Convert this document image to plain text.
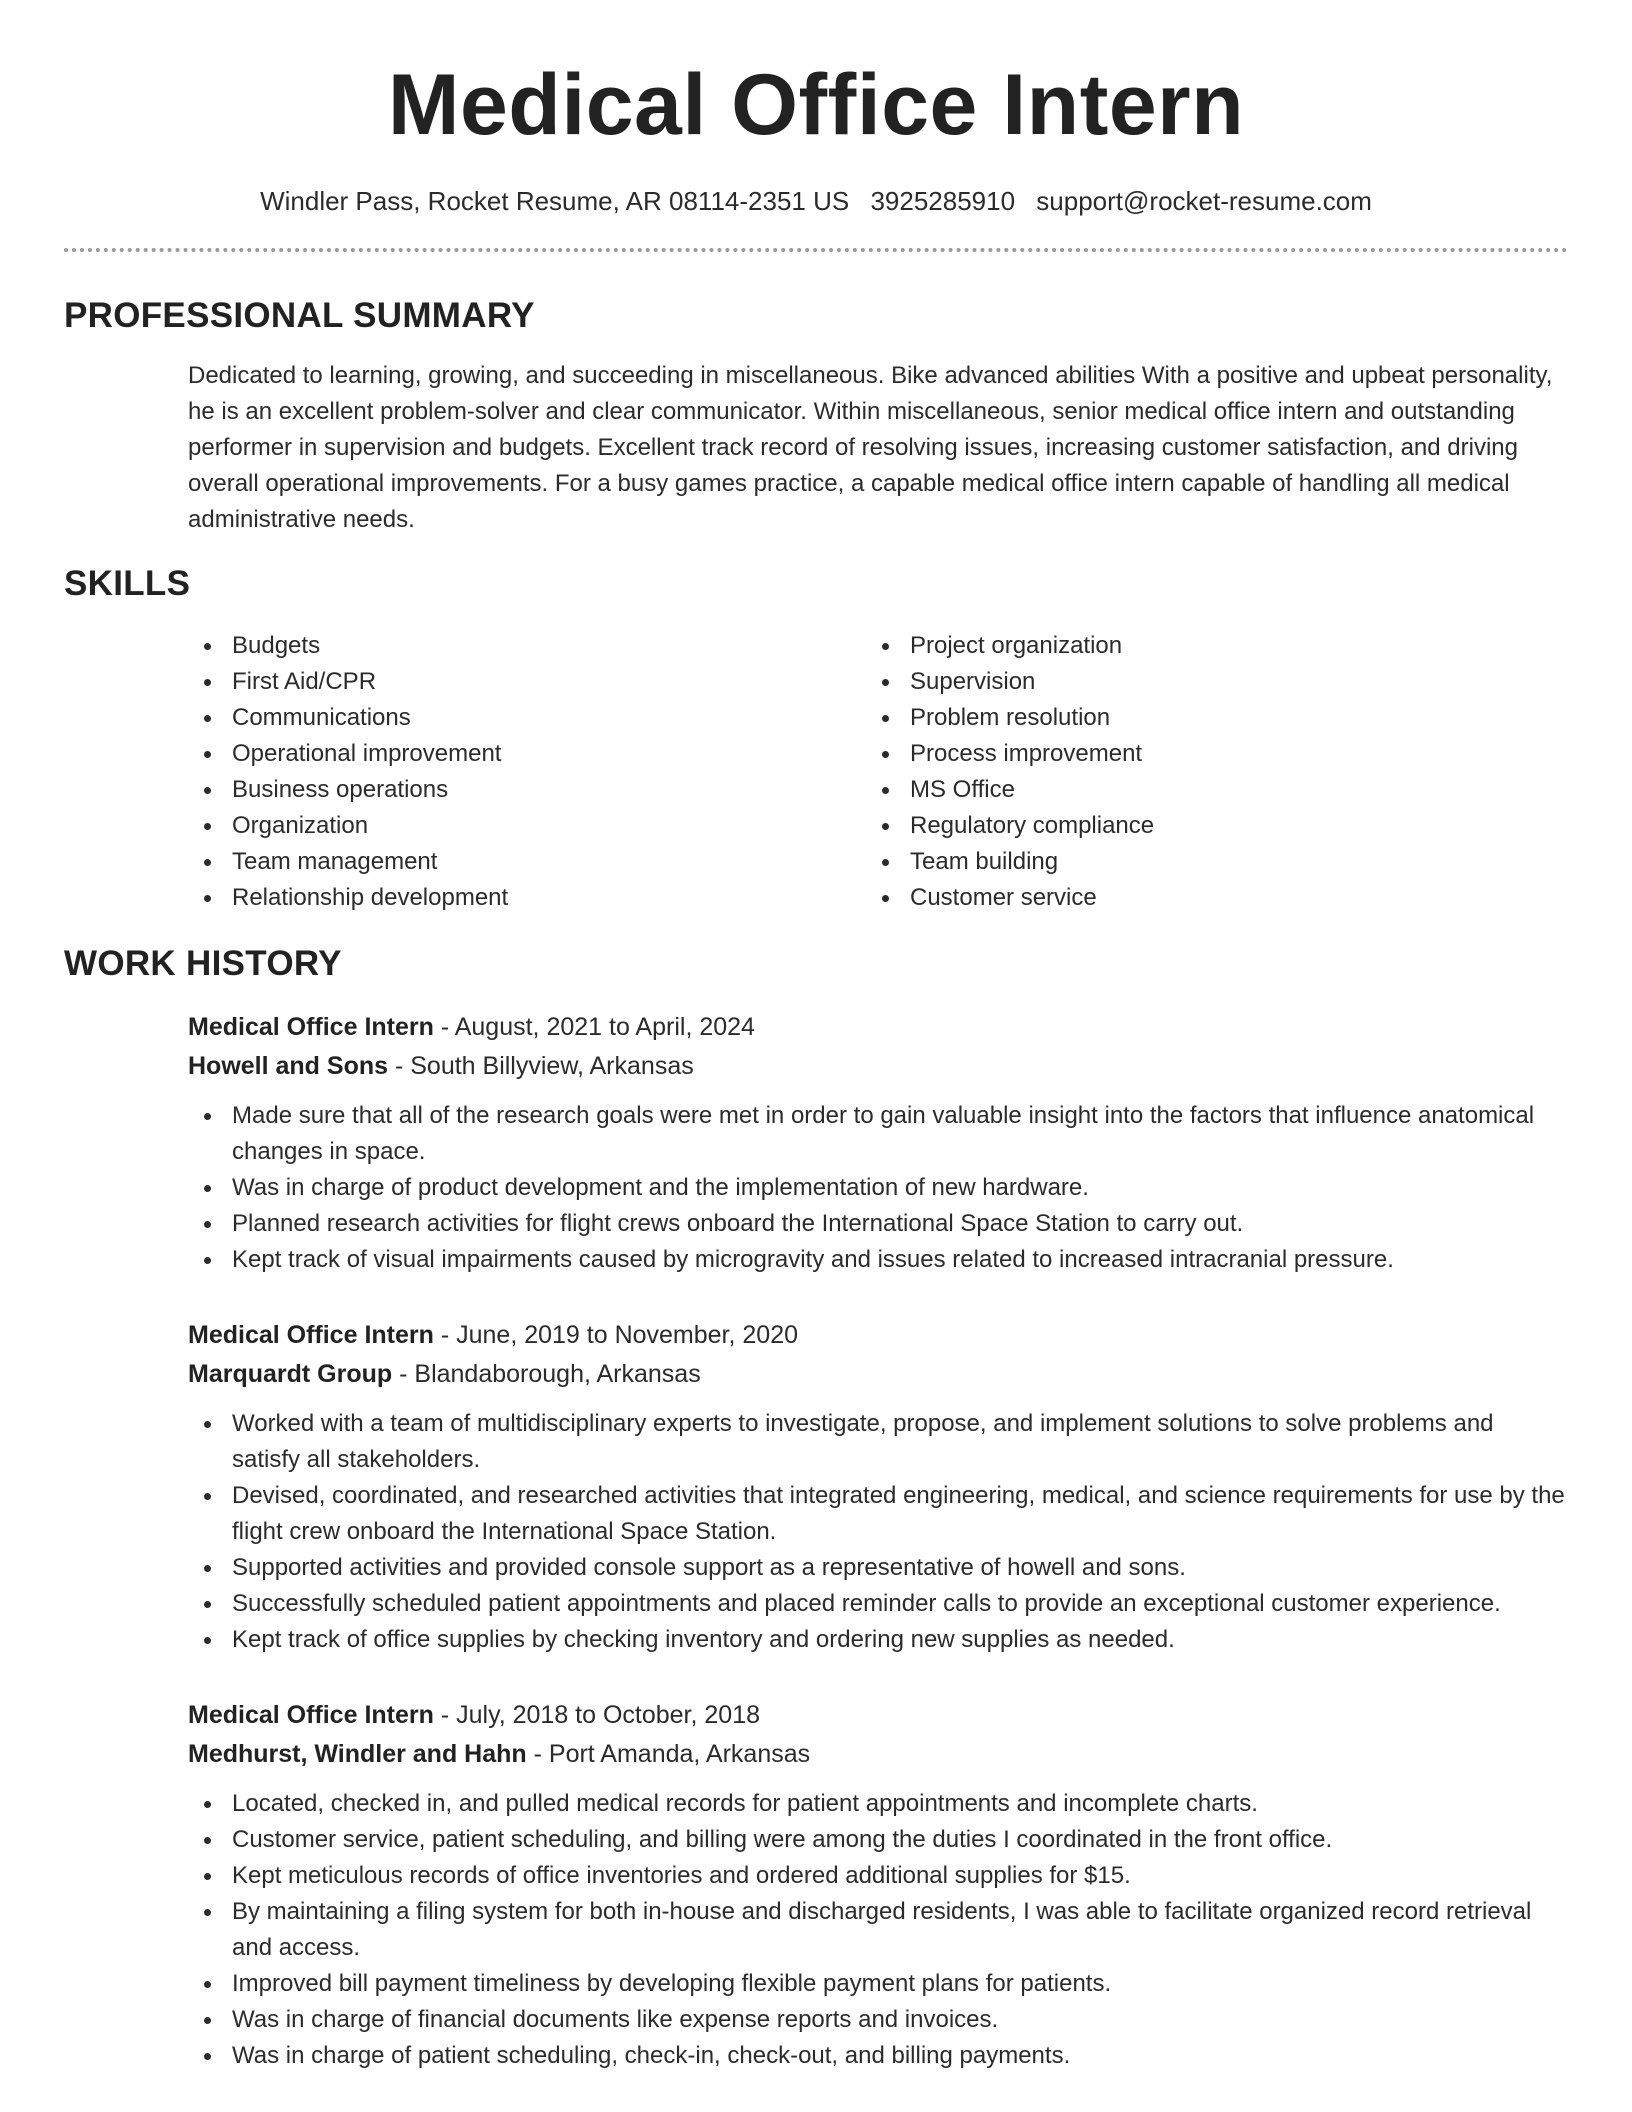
Medical Office Intern
Windler Pass, Rocket Resume, AR 08114-2351 US 3925285910 support@rocket-resume.com
PROFESSIONAL SUMMARY

Dedicated to learning, growing, and succeeding in miscellaneous. Bike advanced abilities With a positive and upbeat personality, he is an excellent problem-solver and clear communicator. Within miscellaneous, senior medical office intern and outstanding performer in supervision and budgets. Excellent track record of resolving issues, increasing customer satisfaction, and driving overall operational improvements. For a busy games practice, a capable medical office intern capable of handling all medical administrative needs.

SKILLS
Budgets
First Aid/CPR
Communications
Operational improvement
Business operations
Organization
Team management
Relationship development
Project organization
Supervision
Problem resolution
Process improvement
MS Office
Regulatory compliance
Team building
Customer service
WORK HISTORY
Medical Office Intern - August, 2021 to April, 2024
Howell and Sons - South Billyview, Arkansas
Made sure that all of the research goals were met in order to gain valuable insight into the factors that influence anatomical changes in space.
Was in charge of product development and the implementation of new hardware.
Planned research activities for flight crews onboard the International Space Station to carry out.
Kept track of visual impairments caused by microgravity and issues related to increased intracranial pressure.
Medical Office Intern - June, 2019 to November, 2020
Marquardt Group - Blandaborough, Arkansas
Worked with a team of multidisciplinary experts to investigate, propose, and implement solutions to solve problems and satisfy all stakeholders.
Devised, coordinated, and researched activities that integrated engineering, medical, and science requirements for use by the flight crew onboard the International Space Station.
Supported activities and provided console support as a representative of howell and sons.
Successfully scheduled patient appointments and placed reminder calls to provide an exceptional customer experience.
Kept track of office supplies by checking inventory and ordering new supplies as needed.
Medical Office Intern - July, 2018 to October, 2018
Medhurst, Windler and Hahn - Port Amanda, Arkansas
Located, checked in, and pulled medical records for patient appointments and incomplete charts.
Customer service, patient scheduling, and billing were among the duties I coordinated in the front office.
Kept meticulous records of office inventories and ordered additional supplies for $15.
By maintaining a filing system for both in-house and discharged residents, I was able to facilitate organized record retrieval and access.
Improved bill payment timeliness by developing flexible payment plans for patients.
Was in charge of financial documents like expense reports and invoices.
Was in charge of patient scheduling, check-in, check-out, and billing payments.
